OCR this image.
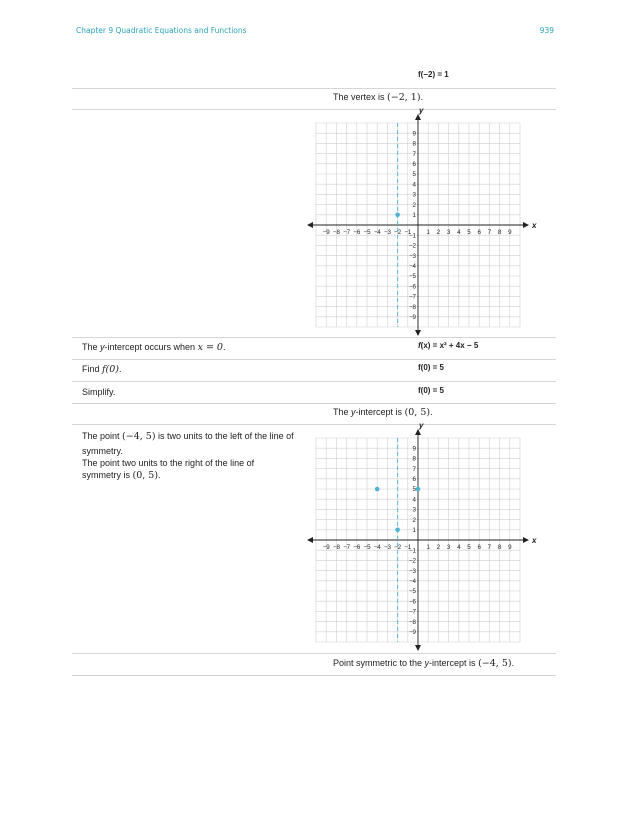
Chapter 9 Quadratic Equations and Functions	939
f(−2) = 1
The vertex is (−2, 1).
x
y
−9 −8 −7 −6 −5 −4 −3 −2 −1 1 2 3 4 5 6 7 8 9
9
8
7
6
5
4
3
2
1
−1
−2
−3
−4
−5
−6
−7
−8
−9
The y-intercept occurs when x = 0.	f(x) = x² + 4x − 5
Find f(0).	f(0) = 5
Simplify.	f(0) = 5
The y-intercept is (0, 5).
The point (−4, 5) is two units to the left of the line of
symmetry.
The point two units to the right of the line of
symmetry is (0, 5).
x
y
−9 −8 −7 −6 −5 −4 −3 −2 −1 1 2 3 4 5 6 7 8 9
9
8
7
6
5
4
3
2
1
−1
−2
−3
−4
−5
−6
−7
−8
−9
Point symmetric to the y-intercept is (−4, 5).
